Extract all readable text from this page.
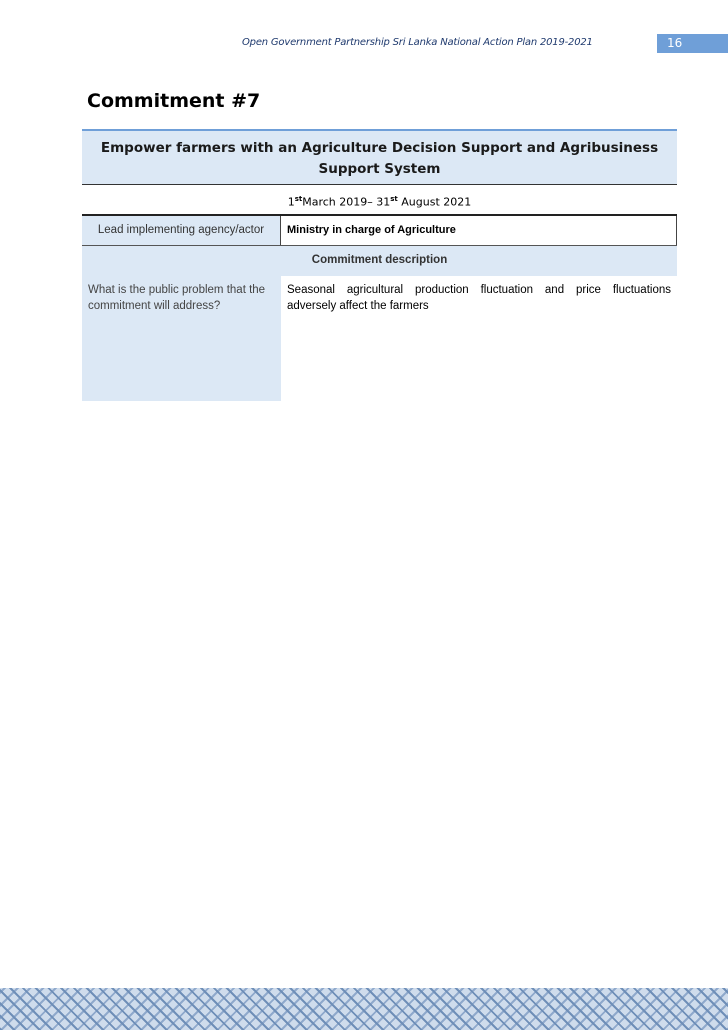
Open Government Partnership Sri Lanka National Action Plan 2019-2021	16
Commitment #7
Empower farmers with an Agriculture Decision Support and Agribusiness Support System
1stMarch 2019– 31st August 2021
Lead implementing agency/actor	Ministry in charge of Agriculture
Commitment description
What is the public problem that the commitment will address?
Seasonal agricultural production fluctuation and price fluctuations adversely affect the farmers
